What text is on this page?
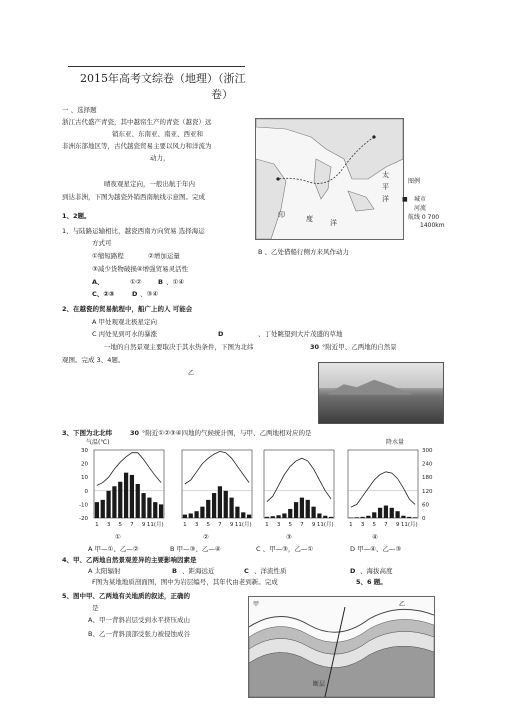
2015年高考文综卷（地理）（浙江
卷）
一 、选择题
浙江古代盛产青瓷，其中越窑生产的青瓷（越瓷）远
销东亚、东南亚、南亚、西亚和
非洲东部地区等，古代越瓷贸易主要以风力和洋流为
动力，
晴夜观星定向，一般出航于年内
到达非洲，下图为越瓷外销西南航线示意图。完成
1、2题。
太
平
洋
印	度 洋
图例
■ 城市
河流
航线 0 700
1400km
1、与陆路运输相比，越瓷西南方向贸易 选择海运
方式可
①缩短路程	②增加运量	B 、乙处借船行侧方来风作动力
③减少货物破损④增强贸易灵活性
A、	①②	B 、①④
C、②③	D 、③④
2、在越瓷的贸易航程中，船广上的人 可能会
A 甲处观观北极星定向
C 丙处见到可水的暴涨	D	、丁处眺望到大片茂盛的草地
一地的自然景观主要取决于其水热条件，下图为北纬	30 °附近甲、乙两地的自然景
观图。完成 3、4题。
乙
3、下图为北北纬	30 °附近①②③④四地的气候统计图，与甲、乙两地相对应的是
气温(℃)	降水量
30
20
10
0
-10
-20
300
240
180
120
60
0
1 3 5 7 9 11(月)	1 3 5 7 9 11(月) 1 3 5 7 9 11(月)	1 3 5 7 9 11(月)
①	②	③	④
A 甲—①、乙—②	B 甲—③、乙—④	C 、甲—③，乙—①	D 甲—④、乙—③
4、甲、乙两地自然景观差异的主要影响因素是
A 太阳辐射	B 、距海远近	C 、洋流性质	D 、海拔高度
F图为某地地质剖面图，图中为岩层编号，其年代由老到新。完成	5、6 题。
5、图中甲、乙两地有关地质的叙述，正确的
是
A、甲一背斜岩层受到水平挤压成山
B、乙一背斜顶部受张力被侵蚀成谷
甲	乙
断层
